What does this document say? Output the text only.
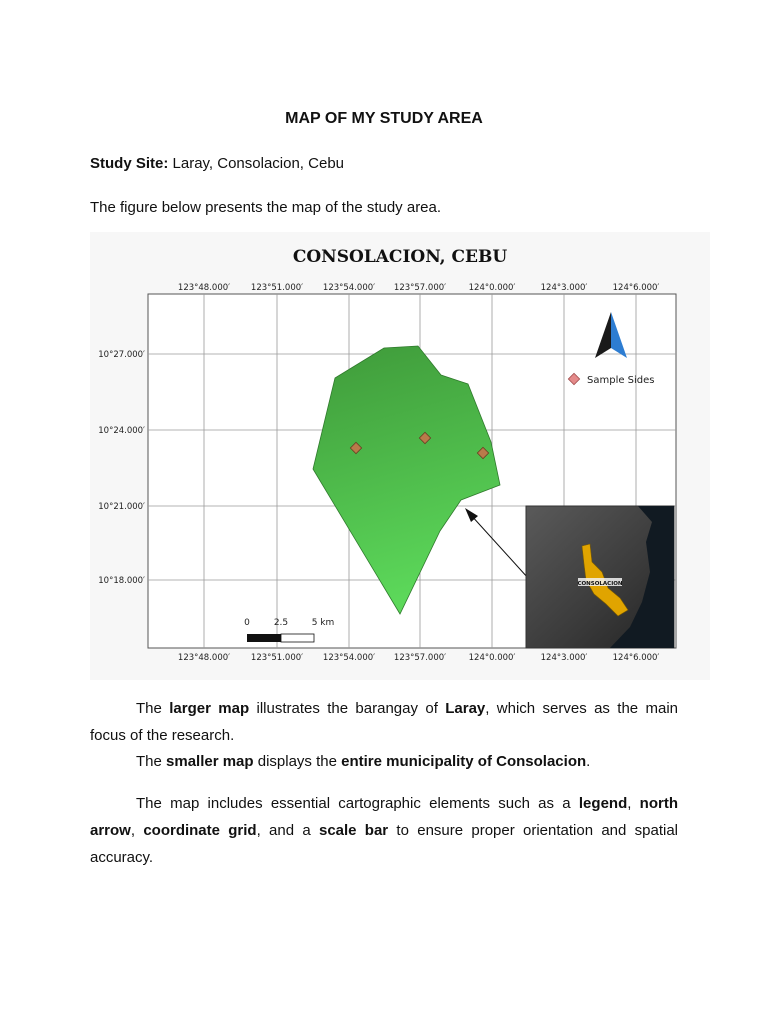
MAP OF MY STUDY AREA
Study Site: Laray, Consolacion, Cebu
The figure below presents the map of the study area.
CONSOLACION, CEBU
123°48.000′ 123°51.000′ 123°54.000′ 123°57.000′	124°0.000′	124°3.000′	124°6.000′
123°48.000′ 123°51.000′ 123°54.000′ 123°57.000′	124°0.000′	124°3.000′	124°6.000′
10°27.000′
10°24.000′
10°21.000′
10°18.000′
Sample Sides
0	2.5	5 km
CONSOLACION
The larger map illustrates the barangay of Laray, which serves as the main focus of the research.
The smaller map displays the entire municipality of Consolacion.
The map includes essential cartographic elements such as a legend, north arrow, coordinate grid, and a scale bar to ensure proper orientation and spatial accuracy.
